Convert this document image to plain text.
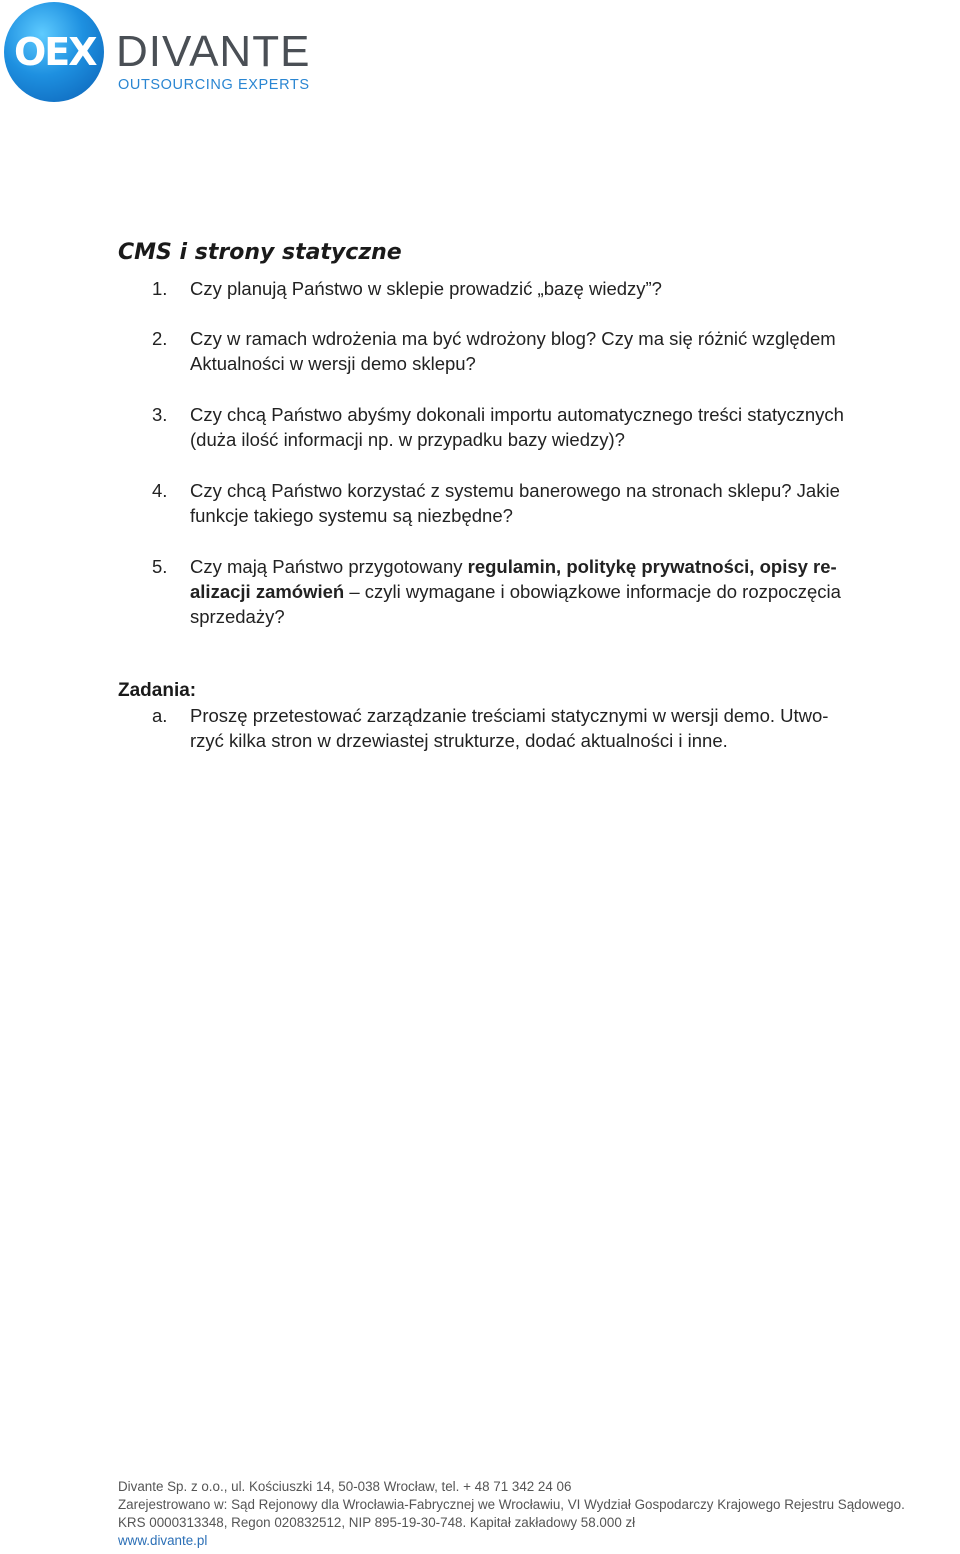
OEX DIVANTE
OUTSOURCING EXPERTS
CMS i strony statyczne
1. Czy planują Państwo w sklepie prowadzić „bazę wiedzy”?
2. Czy w ramach wdrożenia ma być wdrożony blog? Czy ma się różnić względem
Aktualności w wersji demo sklepu?
3. Czy chcą Państwo abyśmy dokonali importu automatycznego treści statycznych
(duża ilość informacji np. w przypadku bazy wiedzy)?
4. Czy chcą Państwo korzystać z systemu banerowego na stronach sklepu? Jakie
funkcje takiego systemu są niezbędne?
5. Czy mają Państwo przygotowany regulamin, politykę prywatności, opisy re-
alizacji zamówień – czyli wymagane i obowiązkowe informacje do rozpoczęcia
sprzedaży?
Zadania:
a. Proszę przetestować zarządzanie treściami statycznymi w wersji demo. Utwo-
rzyć kilka stron w drzewiastej strukturze, dodać aktualności i inne.
Divante Sp. z o.o., ul. Kościuszki 14, 50-038 Wrocław, tel. + 48 71 342 24 06
Zarejestrowano w: Sąd Rejonowy dla Wrocławia-Fabrycznej we Wrocławiu, VI Wydział Gospodarczy Krajowego Rejestru Sądowego.
KRS 0000313348, Regon 020832512, NIP 895-19-30-748. Kapitał zakładowy 58.000 zł
www.divante.pl
